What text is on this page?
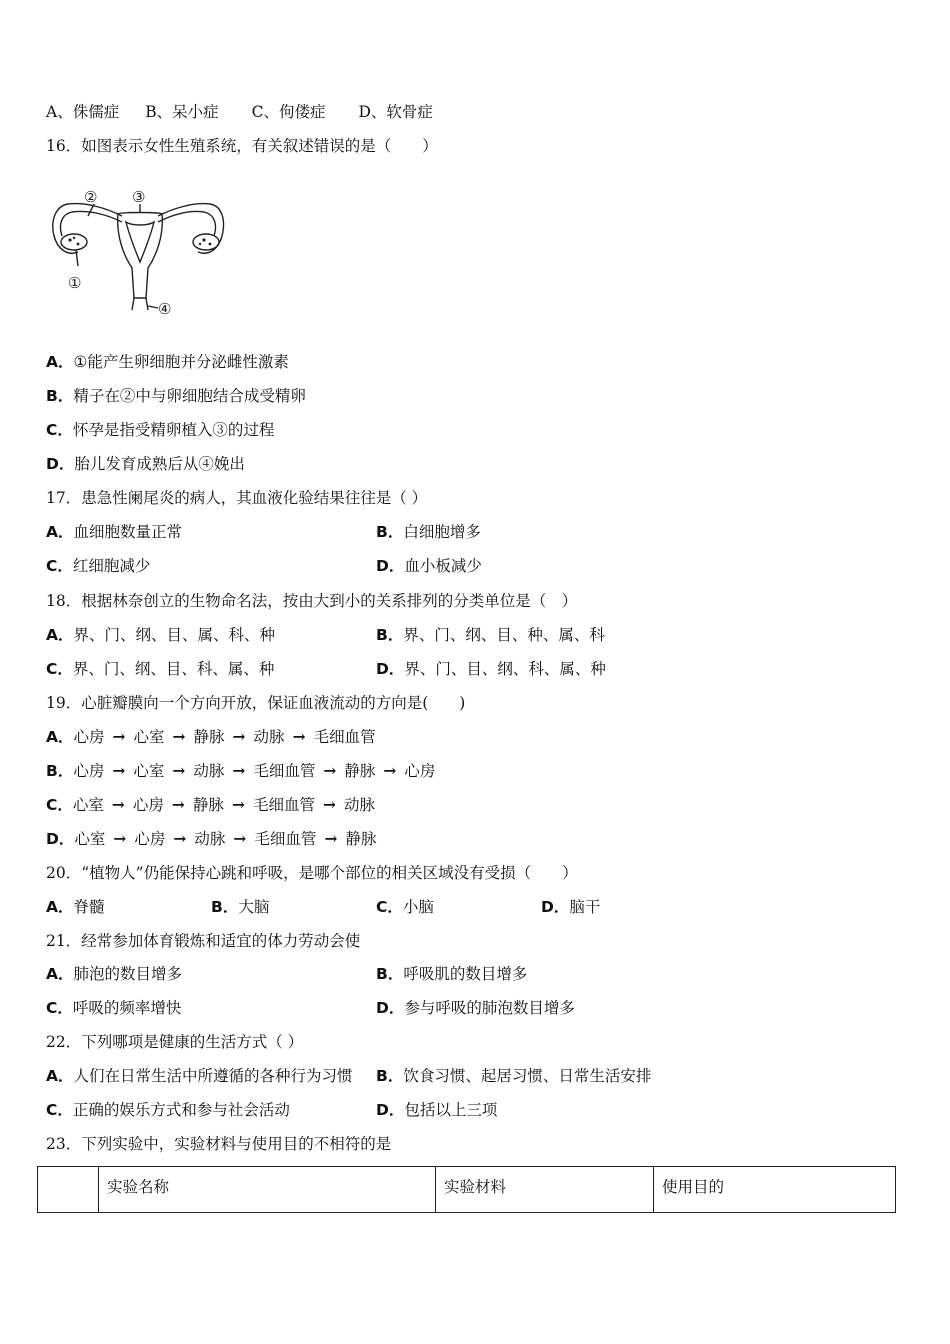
A、侏儒症 B、呆小症 C、佝偻症 D、软骨症
16．如图表示女性生殖系统，有关叙述错误的是（　　）
② ③
①
④
A．①能产生卵细胞并分泌雌性激素
B．精子在②中与卵细胞结合成受精卵
C．怀孕是指受精卵植入③的过程
D．胎儿发育成熟后从④娩出
17．患急性阑尾炎的病人，其血液化验结果往往是（ ）
A．血细胞数量正常	B．白细胞增多
C．红细胞减少	D．血小板减少
18．根据林奈创立的生物命名法，按由大到小的关系排列的分类单位是（　）
A．界、门、纲、目、属、科、种	B．界、门、纲、目、种、属、科
C．界、门、纲、目、科、属、种	D．界、门、目、纲、科、属、种
19．心脏瓣膜向一个方向开放，保证血液流动的方向是(　　)
A．心房 → 心室 → 静脉 → 动脉 → 毛细血管
B．心房 → 心室 → 动脉 → 毛细血管 → 静脉 → 心房
C．心室 → 心房 → 静脉 → 毛细血管 → 动脉
D．心室 → 心房 → 动脉 → 毛细血管 → 静脉
20．“植物人”仍能保持心跳和呼吸，是哪个部位的相关区域没有受损（　　）
A．脊髓	B．大脑	C．小脑	D．脑干
21．经常参加体育锻炼和适宜的体力劳动会使
A．肺泡的数目增多	B．呼吸肌的数目增多
C．呼吸的频率增快	D．参与呼吸的肺泡数目增多
22．下列哪项是健康的生活方式（ ）
A．人们在日常生活中所遵循的各种行为习惯 B．饮食习惯、起居习惯、日常生活安排
C．正确的娱乐方式和参与社会活动	D．包括以上三项
23．下列实验中，实验材料与使用目的不相符的是
	实验名称	实验材料	使用目的
